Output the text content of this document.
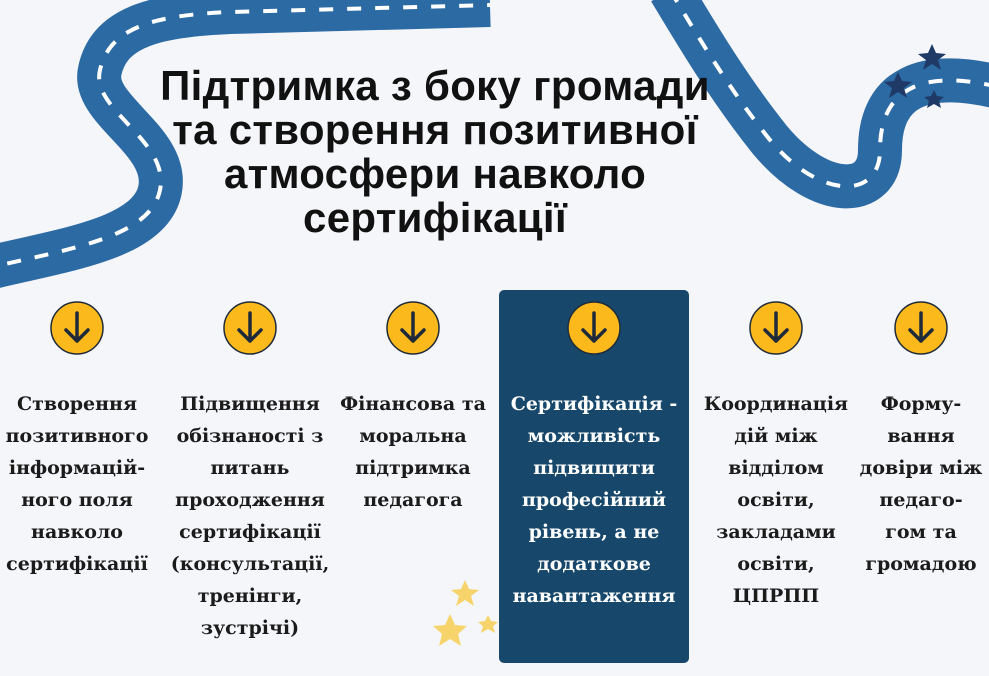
Підтримка з боку громади
та створення позитивної
атмосфери навколо
сертифікації
Створення
позитивного
інформацій-
ного поля
навколо
сертифікації
Підвищення
обізнаності з
питань
проходження
сертифікації
(консультації,
тренінги,
зустрічі)
Фінансова та
моральна
підтримка
педагога
Сертифікація -
можливість
підвищити
професійний
рівень, а не
додаткове
навантаження
Координація
дій між
відділом
освіти,
закладами
освіти,
ЦПРПП
Форму-
вання
довіри між
педаго-
гом та
громадою
